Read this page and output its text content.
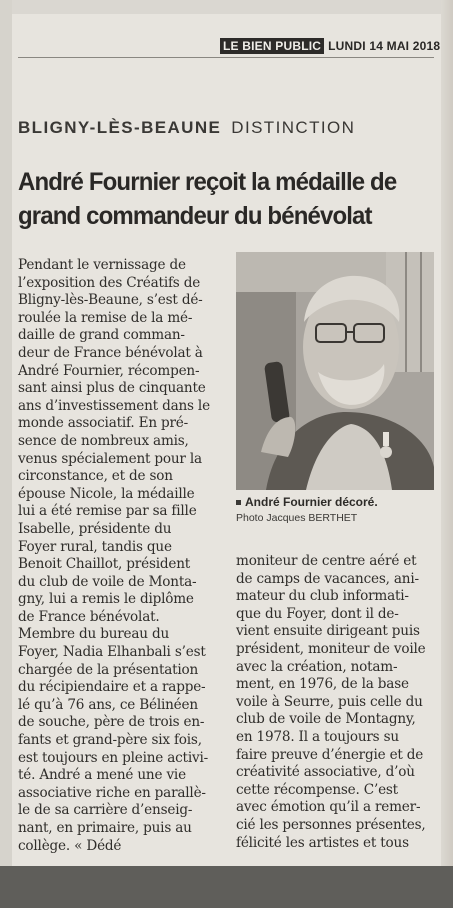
LE BIEN PUBLIC LUNDI 14 MAI 2018
BLIGNY-LÈS-BEAUNE DISTINCTION
André Fournier reçoit la médaille de
grand commandeur du bénévolat
Pendant le vernissage de
l’exposition des Créatifs de
Bligny-lès-Beaune, s’est dé-
roulée la remise de la mé-
daille de grand comman-
deur de France bénévolat à
André Fournier, récompen-
sant ainsi plus de cinquante
ans d’investissement dans le
monde associatif. En pré-
sence de nombreux amis,
venus spécialement pour la
circonstance, et de son
épouse Nicole, la médaille
lui a été remise par sa fille
Isabelle, présidente du
Foyer rural, tandis que
Benoit Chaillot, président
du club de voile de Monta-
gny, lui a remis le diplôme
de France bénévolat.
Membre du bureau du
Foyer, Nadia Elhanbali s’est
chargée de la présentation
du récipiendaire et a rappe-
lé qu’à 76 ans, ce Bélinéen
de souche, père de trois en-
fants et grand-père six fois,
est toujours en pleine activi-
té. André a mené une vie
associative riche en parallè-
le de sa carrière d’enseig-
nant, en primaire, puis au
collège. « Dédé
André Fournier décoré.
Photo Jacques BERTHET
moniteur de centre aéré et
de camps de vacances, ani-
mateur du club informati-
que du Foyer, dont il de-
vient ensuite dirigeant puis
président, moniteur de voile
avec la création, notam-
ment, en 1976, de la base
voile à Seurre, puis celle du
club de voile de Montagny,
en 1978. Il a toujours su
faire preuve d’énergie et de
créativité associative, d’où
cette récompense. C’est
avec émotion qu’il a remer-
cié les personnes présentes,
félicité les artistes et tous
